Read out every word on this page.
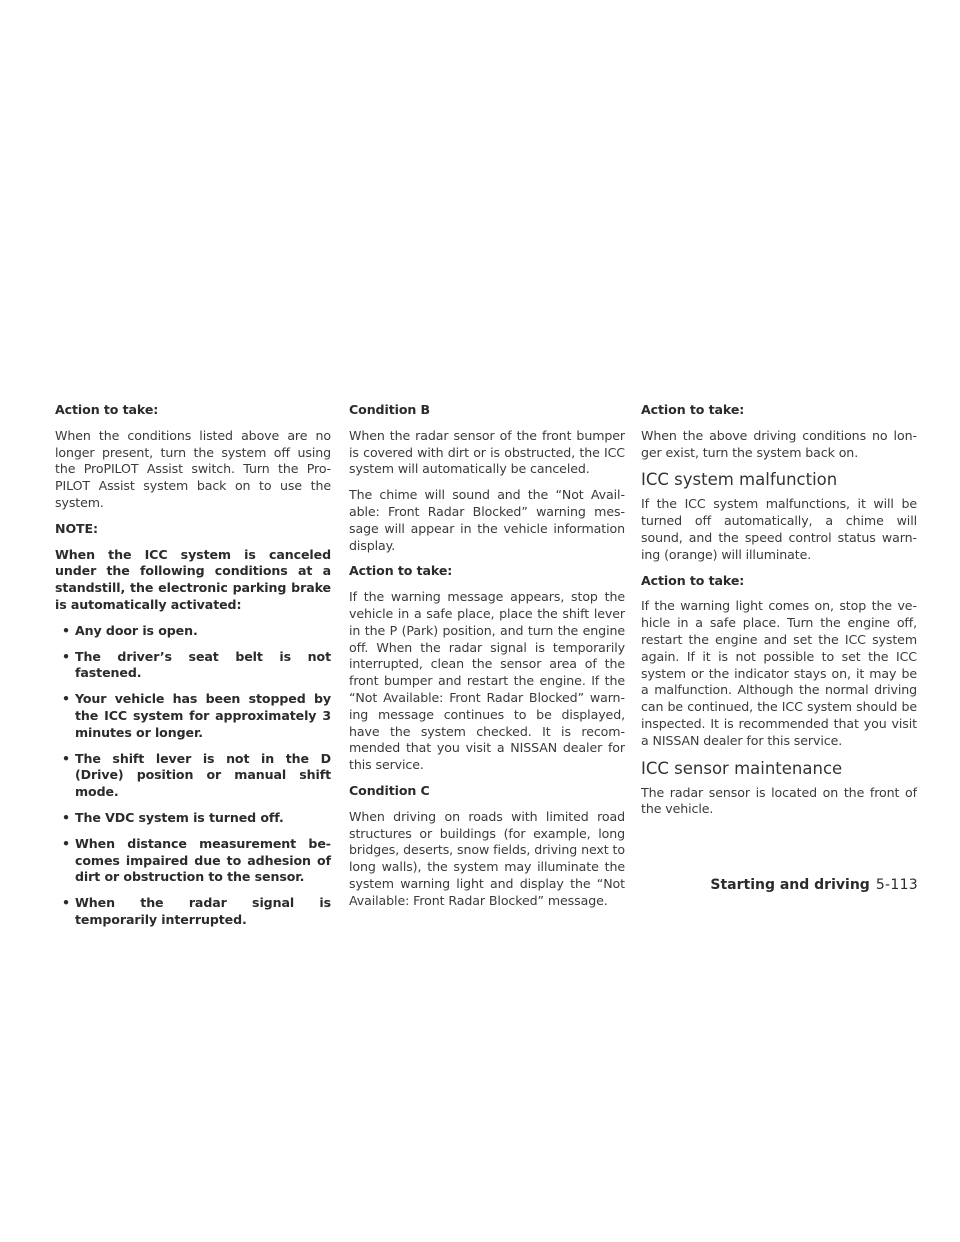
Action to take:

When the conditions listed above are no longer present, turn the system off using the ProPILOT Assist switch. Turn the ProPILOT Assist system back on to use the system.

NOTE:

When the ICC system is canceled under the following conditions at a standstill, the electronic parking brake is automatically activated:

• Any door is open.
• The driver’s seat belt is not fastened.
• Your vehicle has been stopped by the ICC system for approximately 3 minutes or longer.
• The shift lever is not in the D (Drive) position or manual shift mode.
• The VDC system is turned off.
• When distance measurement becomes impaired due to adhesion of dirt or obstruction to the sensor.
• When the radar signal is temporarily interrupted.

Condition B

When the radar sensor of the front bumper is covered with dirt or is obstructed, the ICC system will automatically be canceled.

The chime will sound and the “Not Available: Front Radar Blocked” warning message will appear in the vehicle information display.

Action to take:

If the warning message appears, stop the vehicle in a safe place, place the shift lever in the P (Park) position, and turn the engine off. When the radar signal is temporarily interrupted, clean the sensor area of the front bumper and restart the engine. If the “Not Available: Front Radar Blocked” warning message continues to be displayed, have the system checked. It is recommended that you visit a NISSAN dealer for this service.

Condition C

When driving on roads with limited road structures or buildings (for example, long bridges, deserts, snow fields, driving next to long walls), the system may illuminate the system warning light and display the “Not Available: Front Radar Blocked” message.

Action to take:

When the above driving conditions no longer exist, turn the system back on.

ICC system malfunction

If the ICC system malfunctions, it will be turned off automatically, a chime will sound, and the speed control status warning (orange) will illuminate.

Action to take:

If the warning light comes on, stop the vehicle in a safe place. Turn the engine off, restart the engine and set the ICC system again. If it is not possible to set the ICC system or the indicator stays on, it may be a malfunction. Although the normal driving can be continued, the ICC system should be inspected. It is recommended that you visit a NISSAN dealer for this service.

ICC sensor maintenance

The radar sensor is located on the front of the vehicle.

Starting and driving 5-113
